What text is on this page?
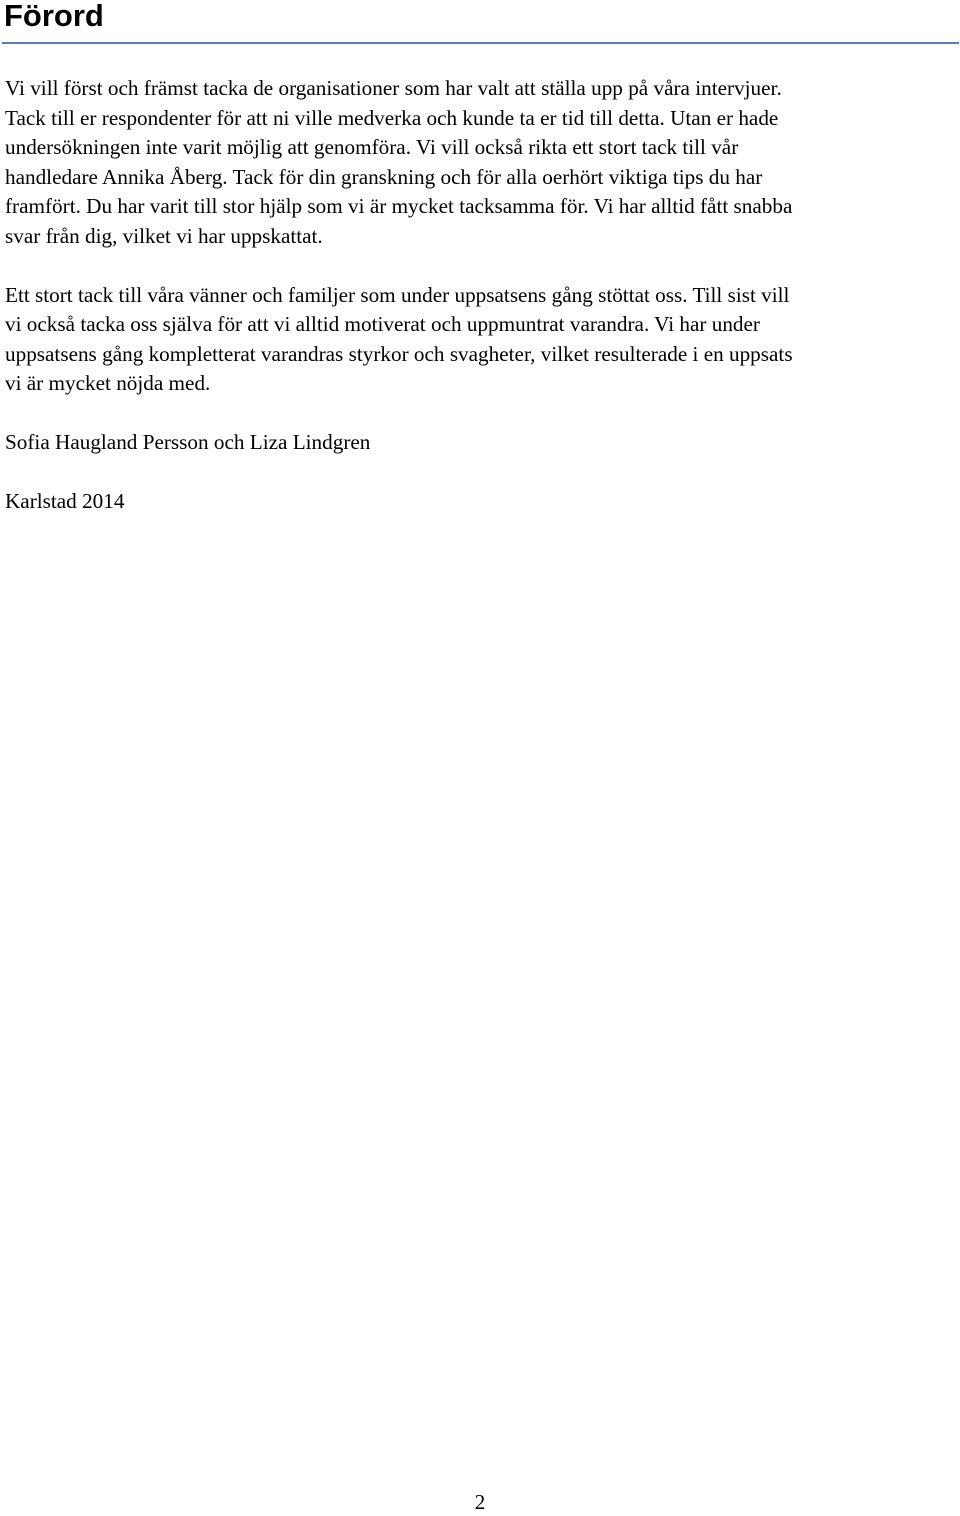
Förord

Vi vill först och främst tacka de organisationer som har valt att ställa upp på våra intervjuer.
Tack till er respondenter för att ni ville medverka och kunde ta er tid till detta. Utan er hade
undersökningen inte varit möjlig att genomföra. Vi vill också rikta ett stort tack till vår
handledare Annika Åberg. Tack för din granskning och för alla oerhört viktiga tips du har
framfört. Du har varit till stor hjälp som vi är mycket tacksamma för. Vi har alltid fått snabba
svar från dig, vilket vi har uppskattat.

Ett stort tack till våra vänner och familjer som under uppsatsens gång stöttat oss. Till sist vill
vi också tacka oss själva för att vi alltid motiverat och uppmuntrat varandra. Vi har under
uppsatsens gång kompletterat varandras styrkor och svagheter, vilket resulterade i en uppsats
vi är mycket nöjda med.

Sofia Haugland Persson och Liza Lindgren

Karlstad 2014

2
